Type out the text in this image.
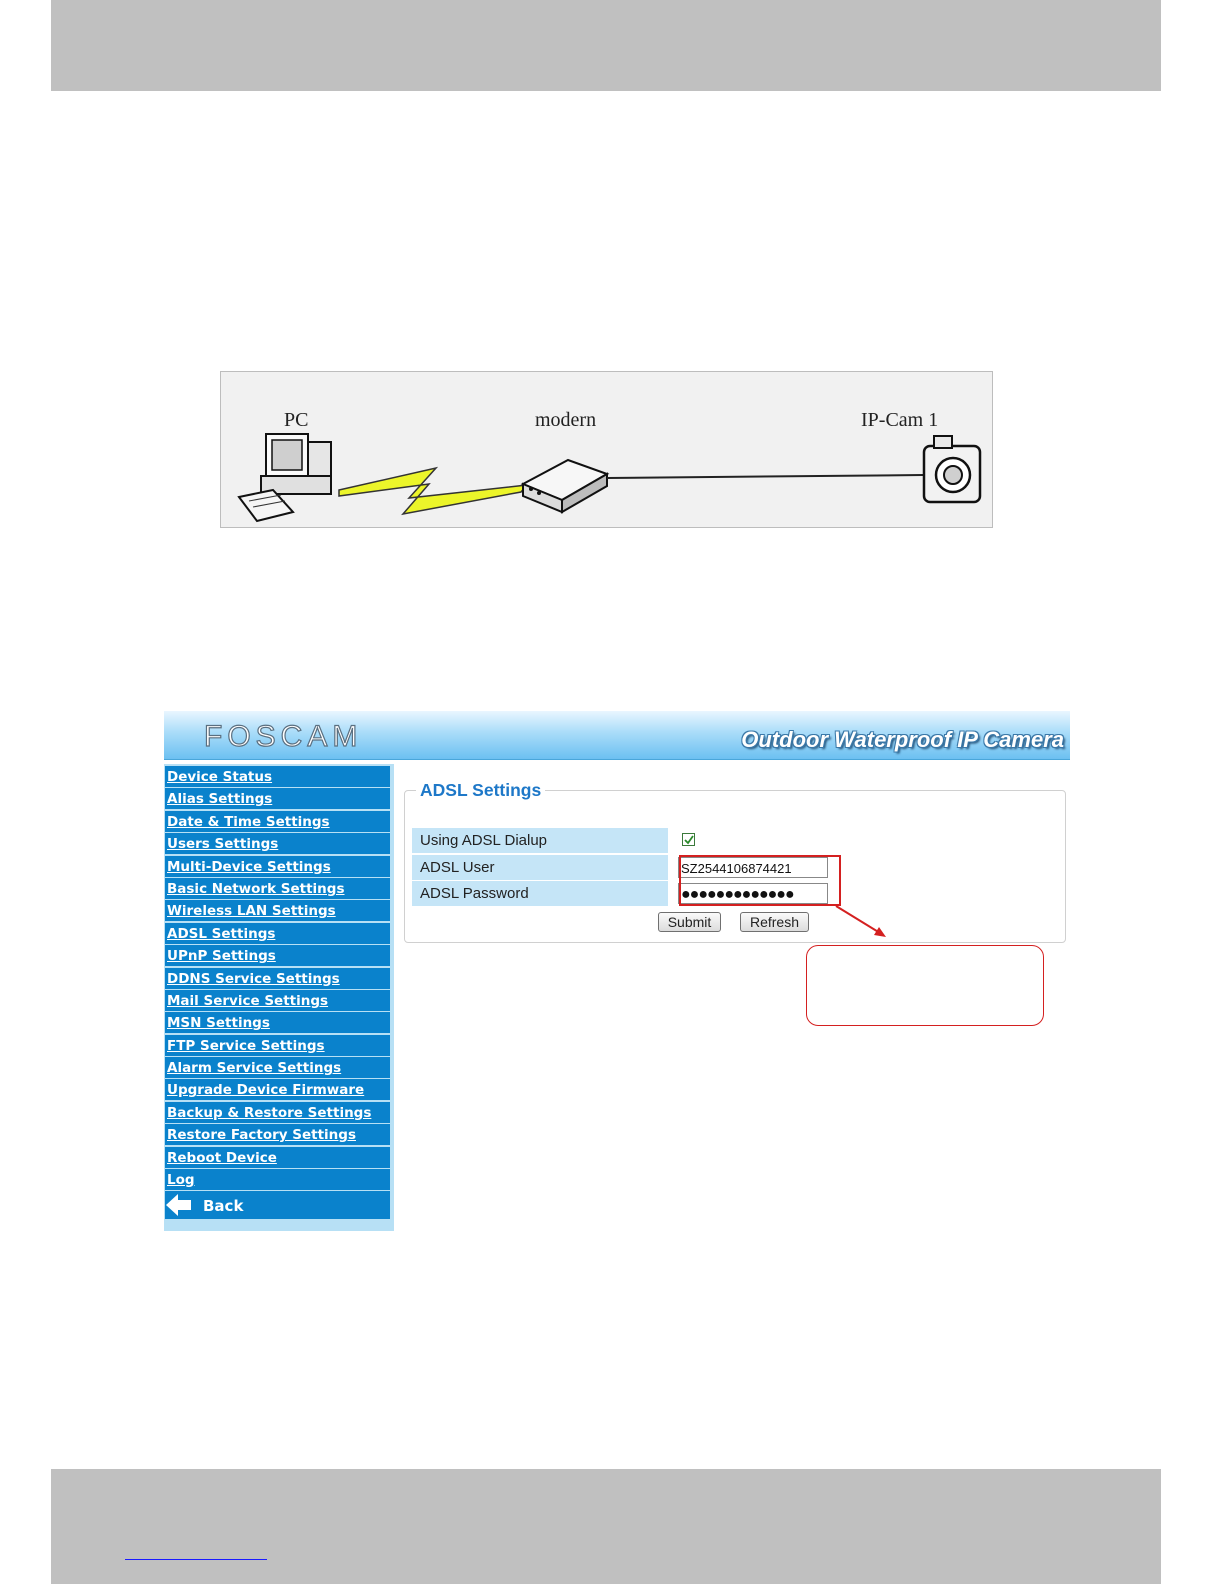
PC	modern	IP-Cam 1
FOSCAM	Outdoor Waterproof IP Camera
Device Status
Alias Settings
Date & Time Settings
Users Settings
Multi-Device Settings
Basic Network Settings
Wireless LAN Settings
ADSL Settings
UPnP Settings
DDNS Service Settings
Mail Service Settings
MSN Settings
FTP Service Settings
Alarm Service Settings
Upgrade Device Firmware
Backup & Restore Settings
Restore Factory Settings
Reboot Device
Log
Back
ADSL Settings
Using ADSL Dialup
ADSL User	SZ2544106874421
ADSL Password	●●●●●●●●●●●●●
Submit	Refresh
